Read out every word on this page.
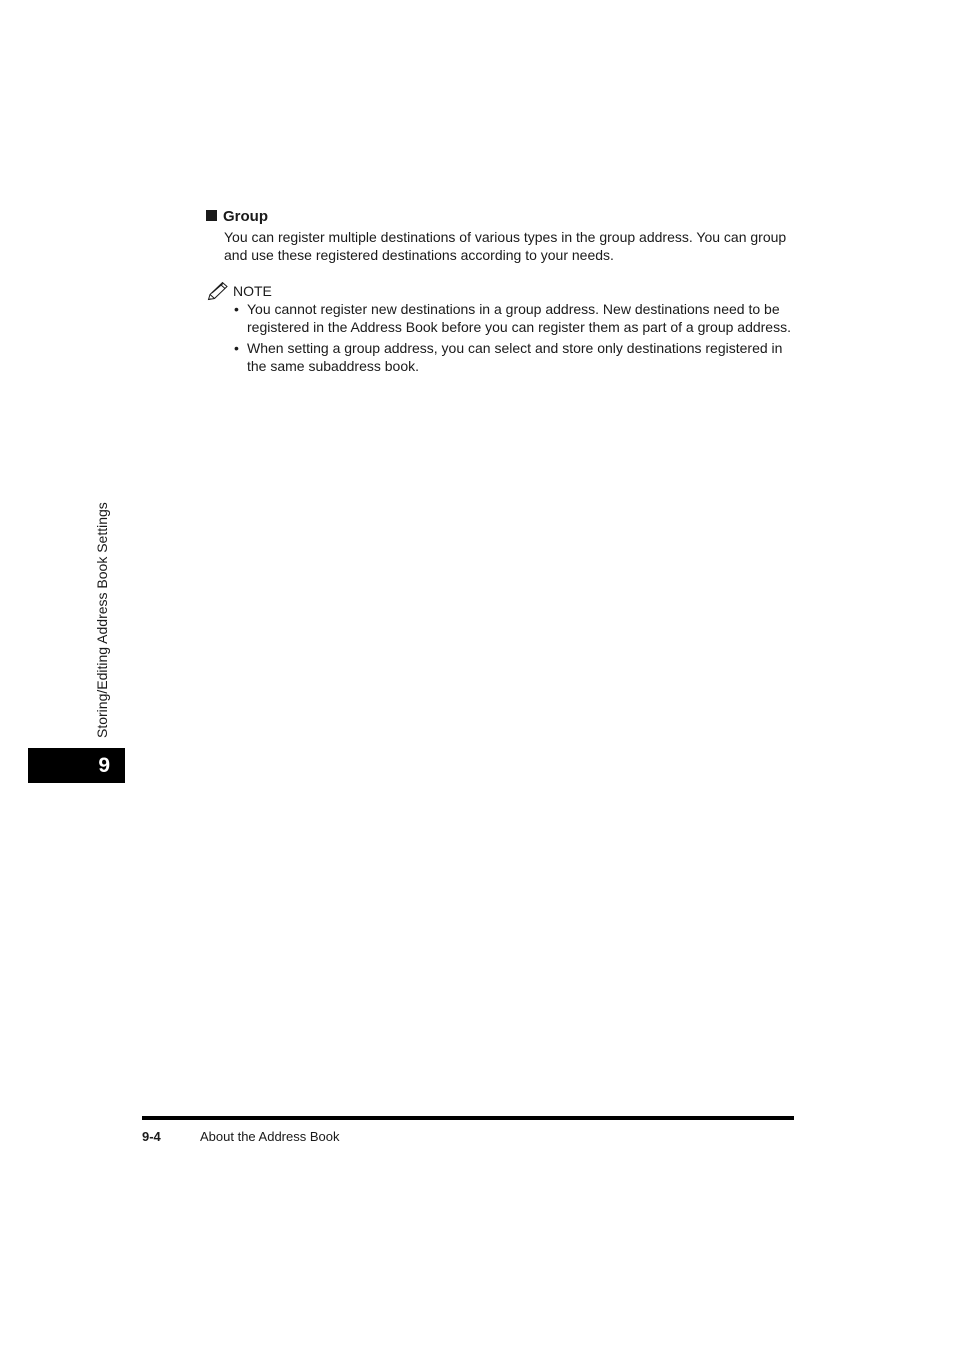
Group
You can register multiple destinations of various types in the group address. You can group and use these registered destinations according to your needs.
NOTE
• You cannot register new destinations in a group address. New destinations need to be registered in the Address Book before you can register them as part of a group address.
• When setting a group address, you can select and store only destinations registered in the same subaddress book.
Storing/Editing Address Book Settings
9
9-4	About the Address Book
